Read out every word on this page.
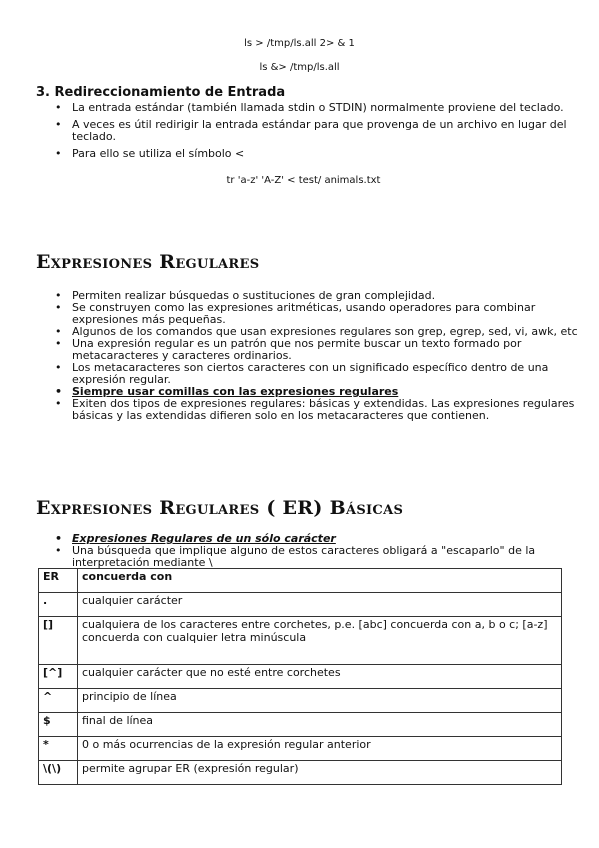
ls > /tmp/ls.all 2> & 1
ls &> /tmp/ls.all
3. Redireccionamiento de Entrada
• La entrada estándar (también llamada stdin o STDIN) normalmente proviene del teclado.
• A veces es útil redirigir la entrada estándar para que provenga de un archivo en lugar del teclado.
• Para ello se utiliza el símbolo <
tr 'a-z' 'A-Z' < test/ animals.txt
Expresiones Regulares
• Permiten realizar búsquedas o sustituciones de gran complejidad.
• Se construyen como las expresiones aritméticas, usando operadores para combinar expresiones más pequeñas.
• Algunos de los comandos que usan expresiones regulares son grep, egrep, sed, vi, awk, etc
• Una expresión regular es un patrón que nos permite buscar un texto formado por metacaracteres y caracteres ordinarios.
• Los metacaracteres son ciertos caracteres con un significado específico dentro de una expresión regular.
• Siempre usar comillas con las expresiones regulares
• Exiten dos tipos de expresiones regulares: básicas y extendidas. Las expresiones regulares básicas y las extendidas difieren solo en los metacaracteres que contienen.
Expresiones Regulares ( ER) Básicas
• Expresiones Regulares de un sólo carácter
• Una búsqueda que implique alguno de estos caracteres obligará a "escaparlo" de la interpretación mediante \
ER	concuerda con
.	cualquier carácter
[]	cualquiera de los caracteres entre corchetes, p.e. [abc] concuerda con a, b o c; [a-z] concuerda con cualquier letra minúscula
[^]	cualquier carácter que no esté entre corchetes
^	principio de línea
$	final de línea
*	0 o más ocurrencias de la expresión regular anterior
\(\)	permite agrupar ER (expresión regular)
